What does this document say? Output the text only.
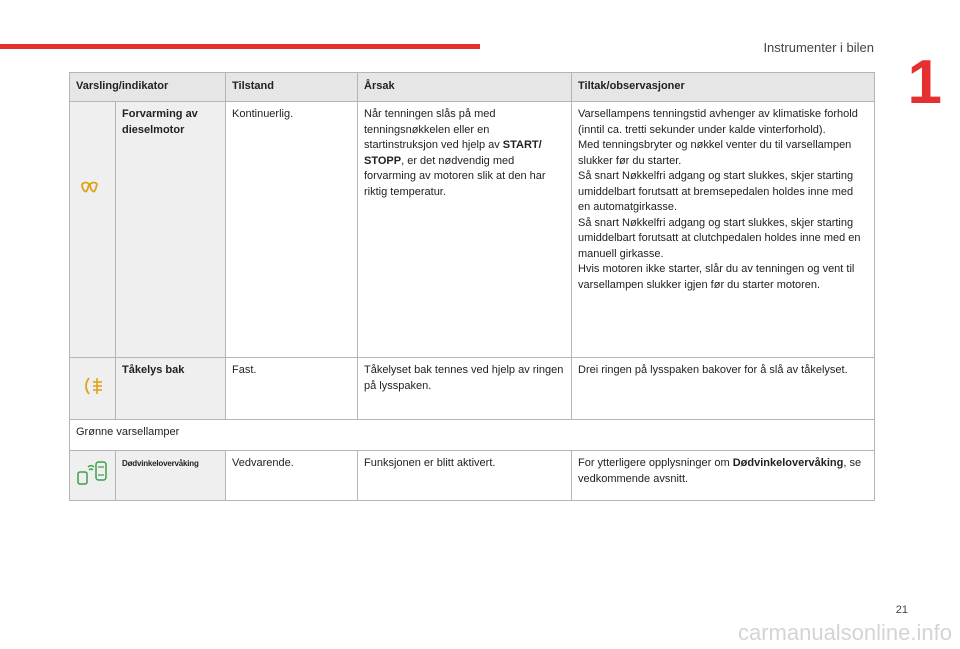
Instrumenter i bilen
1
Varsling/indikator		Tilstand	Årsak	Tiltak/observasjoner
	Forvarming av dieselmotor	Kontinuerlig.	Når tenningen slås på med tenningsnøkkelen eller en startinstruksjon ved hjelp av START/ STOPP, er det nødvendig med forvarming av motoren slik at den har riktig temperatur.	Varsellampens tenningstid avhenger av klimatiske forhold (inntil ca. tretti sekunder under kalde vinterforhold).
Med tenningsbryter og nøkkel venter du til varsellampen slukker før du starter.
Så snart Nøkkelfri adgang og start slukkes, skjer starting umiddelbart forutsatt at bremsepedalen holdes inne med en automatgirkasse.
Så snart Nøkkelfri adgang og start slukkes, skjer starting umiddelbart forutsatt at clutchpedalen holdes inne med en manuell girkasse.
Hvis motoren ikke starter, slår du av tenningen og vent til varsellampen slukker igjen før du starter motoren.

	Tåkelys bak	Fast.	Tåkelyset bak tennes ved hjelp av ringen på lysspaken.	Drei ringen på lysspaken bakover for å slå av tåkelyset.
Grønne varsellamper				
	Dødvinkelovervåking	Vedvarende.	Funksjonen er blitt aktivert.	For ytterligere opplysninger om Dødvinkelovervåking, se vedkommende avsnitt.
21
carmanualsonline.info
